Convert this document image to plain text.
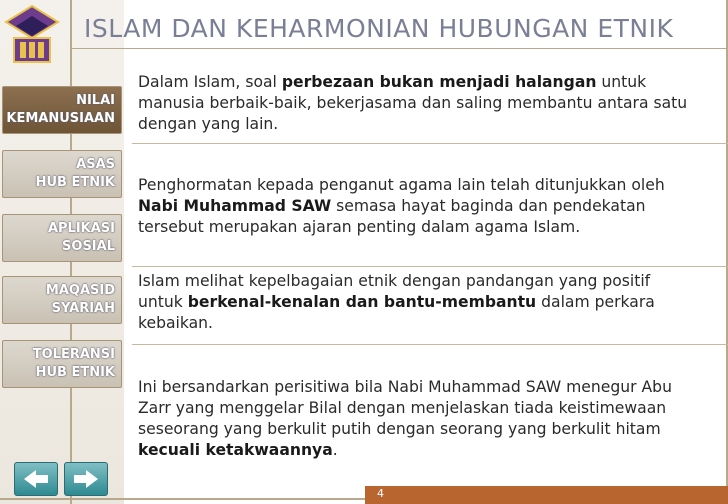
ISLAM DAN KEHARMONIAN HUBUNGAN ETNIK
NILAI
KEMANUSIAAN
ASAS
HUB ETNIK
APLIKASI
SOSIAL
MAQASID
SYARIAH
TOLERANSI
HUB ETNIK
Dalam Islam, soal perbezaan bukan menjadi halangan untuk manusia berbaik-baik, bekerjasama dan saling membantu antara satu dengan yang lain.
Penghormatan kepada penganut agama lain telah ditunjukkan oleh Nabi Muhammad SAW semasa hayat baginda dan pendekatan tersebut merupakan ajaran penting dalam agama Islam.
Islam melihat kepelbagaian etnik dengan pandangan yang positif untuk berkenal-kenalan dan bantu-membantu dalam perkara kebaikan.
Ini bersandarkan perisitiwa bila Nabi Muhammad SAW menegur Abu Zarr yang menggelar Bilal dengan menjelaskan tiada keistimewaan seseorang yang berkulit putih dengan seorang yang berkulit hitam kecuali ketakwaannya.
4
